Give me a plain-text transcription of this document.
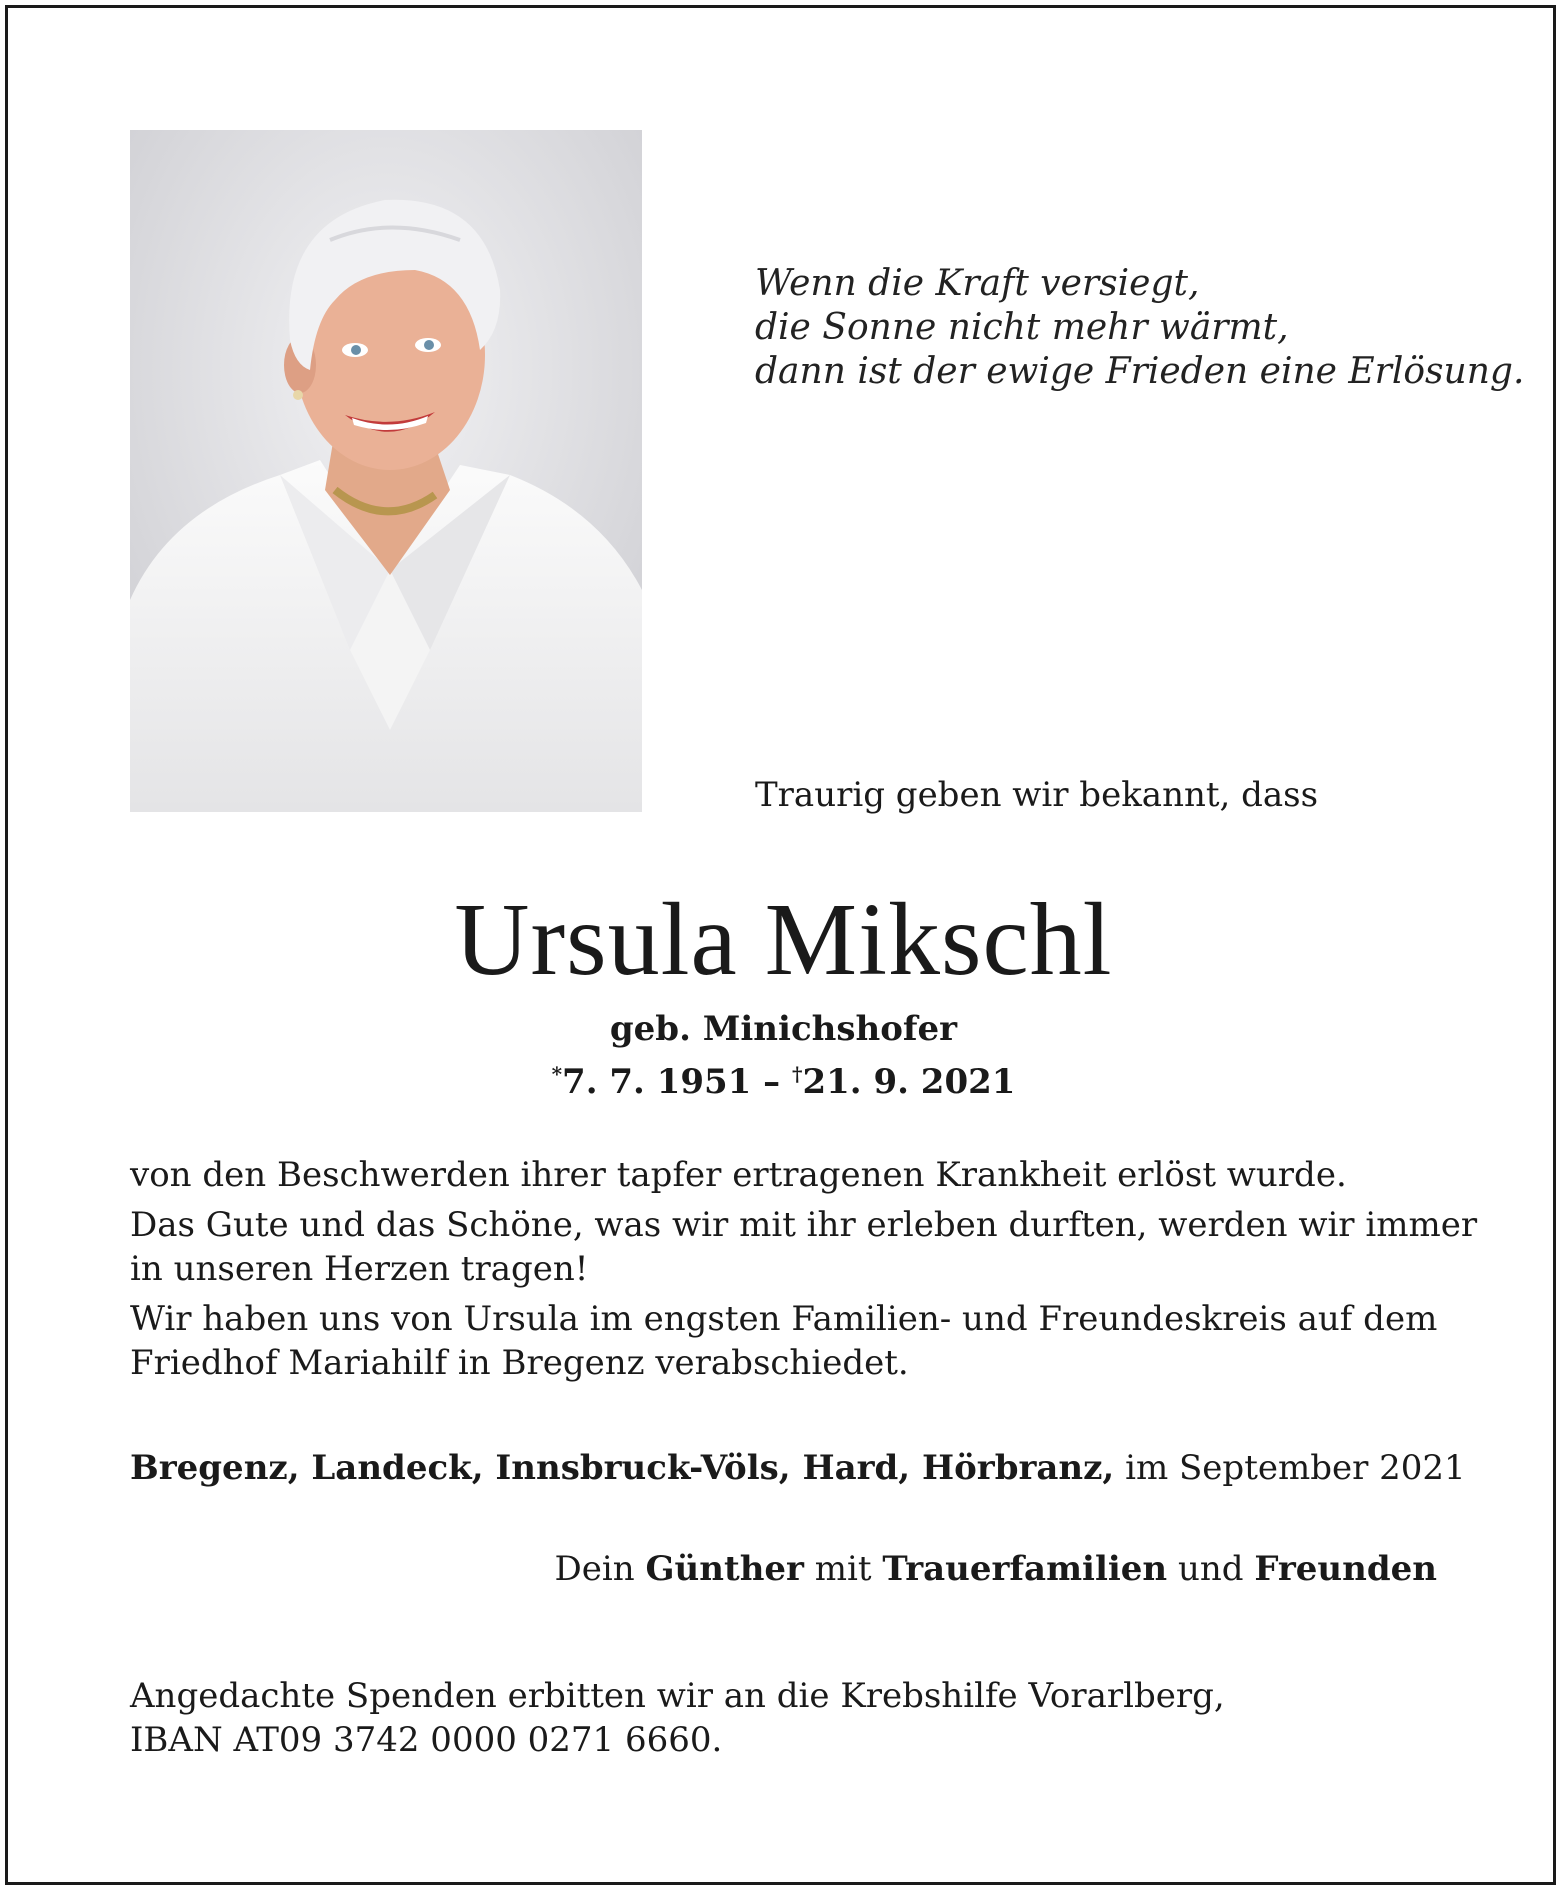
Wenn die Kraft versiegt,
die Sonne nicht mehr wärmt,
dann ist der ewige Frieden eine Erlösung.
Traurig geben wir bekannt, dass
Ursula Mikschl
geb. Minichshofer
*7. 7. 1951 – †21. 9. 2021

von den Beschwerden ihrer tapfer ertragenen Krankheit erlöst wurde.

Das Gute und das Schöne, was wir mit ihr erleben durften, werden wir immer
in unseren Herzen tragen!

Wir haben uns von Ursula im engsten Familien- und Freundeskreis auf dem
Friedhof Mariahilf in Bregenz verabschiedet.

Bregenz, Landeck, Innsbruck-Völs, Hard, Hörbranz, im September 2021
Dein Günther mit Trauerfamilien und Freunden
Angedachte Spenden erbitten wir an die Krebshilfe Vorarlberg,
IBAN AT09 3742 0000 0271 6660.
